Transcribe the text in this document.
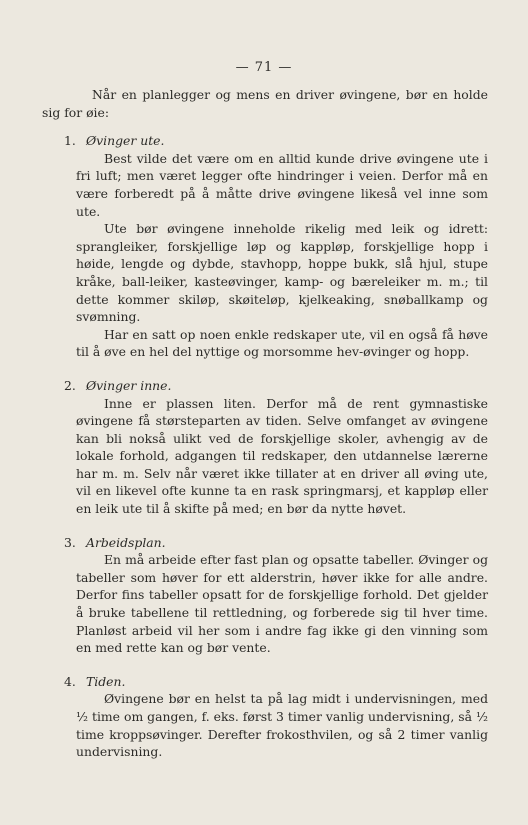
— 71 —

Når en planlegger og mens en driver øvingene, bør en holde sig for øie:

1. Øvinger ute.

Best vilde det være om en alltid kunde drive øvingene ute i fri luft; men været legger ofte hindringer i veien. Derfor må en være forberedt på å måtte drive øvingene likeså vel inne som ute.

Ute bør øvingene inneholde rikelig med leik og idrett: sprangleiker, forskjellige løp og kappløp, forskjellige hopp i høide, lengde og dybde, stavhopp, hoppe bukk, slå hjul, stupe kråke, ball-leiker, kasteøvinger, kamp- og bæreleiker m. m.; til dette kommer skiløp, skøiteløp, kjelkeaking, snøballkamp og svømning.

Har en satt op noen enkle redskaper ute, vil en også få høve til å øve en hel del nyttige og morsomme hev-øvinger og hopp.

2. Øvinger inne.

Inne er plassen liten. Derfor må de rent gymnastiske øvingene få størsteparten av tiden. Selve omfanget av øvingene kan bli nokså ulikt ved de forskjellige skoler, avhengig av de lokale forhold, adgangen til redskaper, den utdannelse lærerne har m. m. Selv når været ikke tillater at en driver all øving ute, vil en likevel ofte kunne ta en rask springmarsj, et kappløp eller en leik ute til å skifte på med; en bør da nytte høvet.

3. Arbeidsplan.

En må arbeide efter fast plan og opsatte tabeller. Øvinger og tabeller som høver for ett alderstrin, høver ikke for alle andre. Derfor fins tabeller opsatt for de forskjellige forhold. Det gjelder å bruke tabellene til rettledning, og forberede sig til hver time. Planløst arbeid vil her som i andre fag ikke gi den vinning som en med rette kan og bør vente.

4. Tiden.

Øvingene bør en helst ta på lag midt i undervisningen, med ½ time om gangen, f. eks. først 3 timer vanlig undervisning, så ½ time kroppsøvinger. Derefter frokosthvilen, og så 2 timer vanlig undervisning.
